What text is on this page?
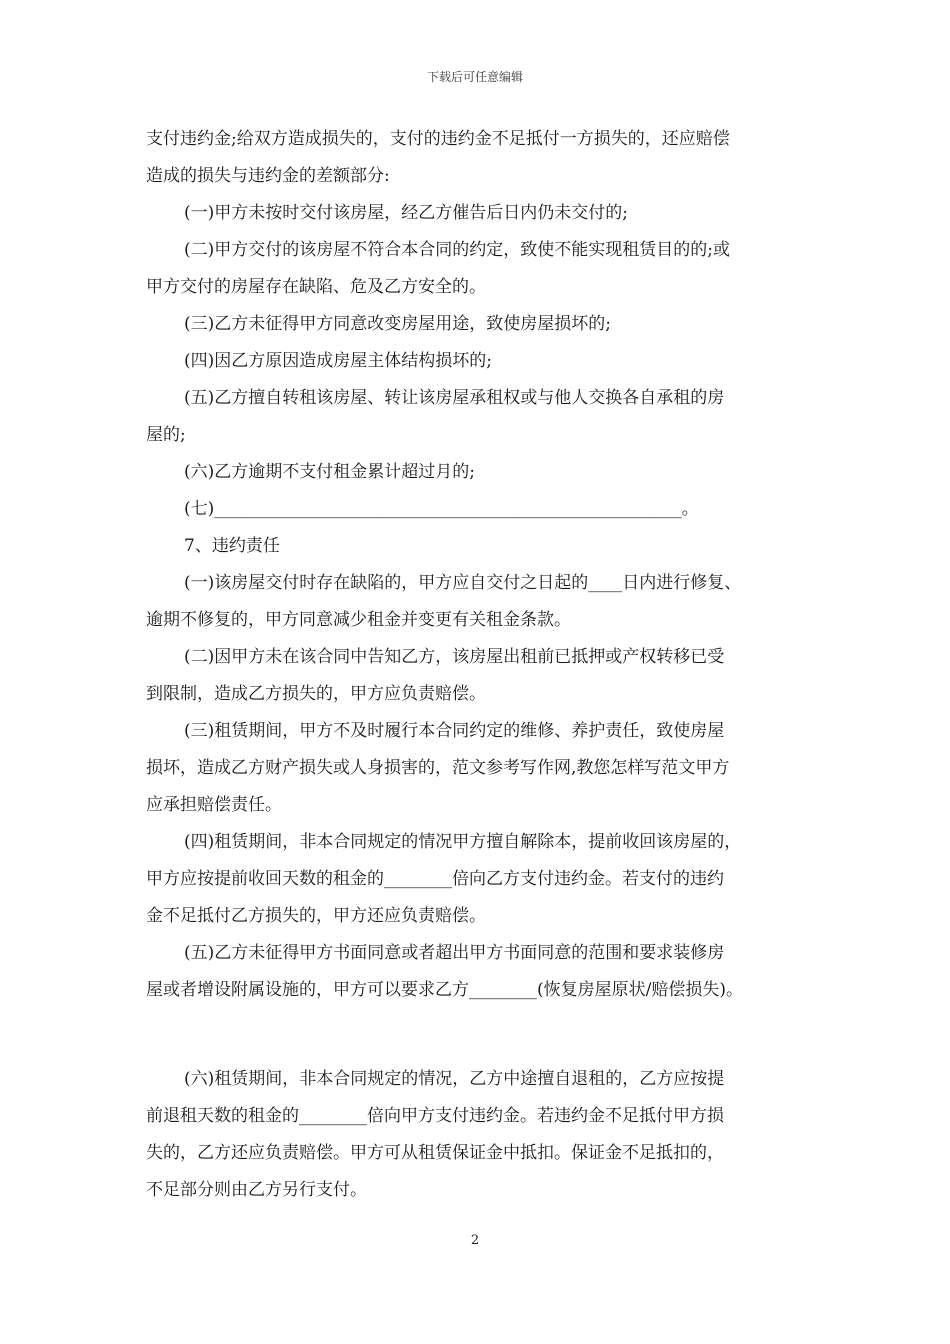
下载后可任意编辑
支付违约金;给双方造成损失的，支付的违约金不足抵付一方损失的，还应赔偿
造成的损失与违约金的差额部分:
(一)甲方未按时交付该房屋，经乙方催告后日内仍未交付的;
(二)甲方交付的该房屋不符合本合同的约定，致使不能实现租赁目的的;或
甲方交付的房屋存在缺陷、危及乙方安全的。
(三)乙方未征得甲方同意改变房屋用途，致使房屋损坏的;
(四)因乙方原因造成房屋主体结构损坏的;
(五)乙方擅自转租该房屋、转让该房屋承租权或与他人交换各自承租的房
屋的;
(六)乙方逾期不支付租金累计超过月的;
(七)_______________________________________________________。
7、违约责任
(一)该房屋交付时存在缺陷的，甲方应自交付之日起的____日内进行修复、
逾期不修复的，甲方同意减少租金并变更有关租金条款。
(二)因甲方未在该合同中告知乙方，该房屋出租前已抵押或产权转移已受
到限制，造成乙方损失的，甲方应负责赔偿。
(三)租赁期间，甲方不及时履行本合同约定的维修、养护责任，致使房屋
损坏，造成乙方财产损失或人身损害的，范文参考写作网,教您怎样写范文甲方
应承担赔偿责任。
(四)租赁期间，非本合同规定的情况甲方擅自解除本，提前收回该房屋的，
甲方应按提前收回天数的租金的________倍向乙方支付违约金。若支付的违约
金不足抵付乙方损失的，甲方还应负责赔偿。
(五)乙方未征得甲方书面同意或者超出甲方书面同意的范围和要求装修房
屋或者增设附属设施的，甲方可以要求乙方________(恢复房屋原状/赔偿损失)。
(六)租赁期间，非本合同规定的情况，乙方中途擅自退租的，乙方应按提
前退租天数的租金的________倍向甲方支付违约金。若违约金不足抵付甲方损
失的，乙方还应负责赔偿。甲方可从租赁保证金中抵扣。保证金不足抵扣的，
不足部分则由乙方另行支付。
2
